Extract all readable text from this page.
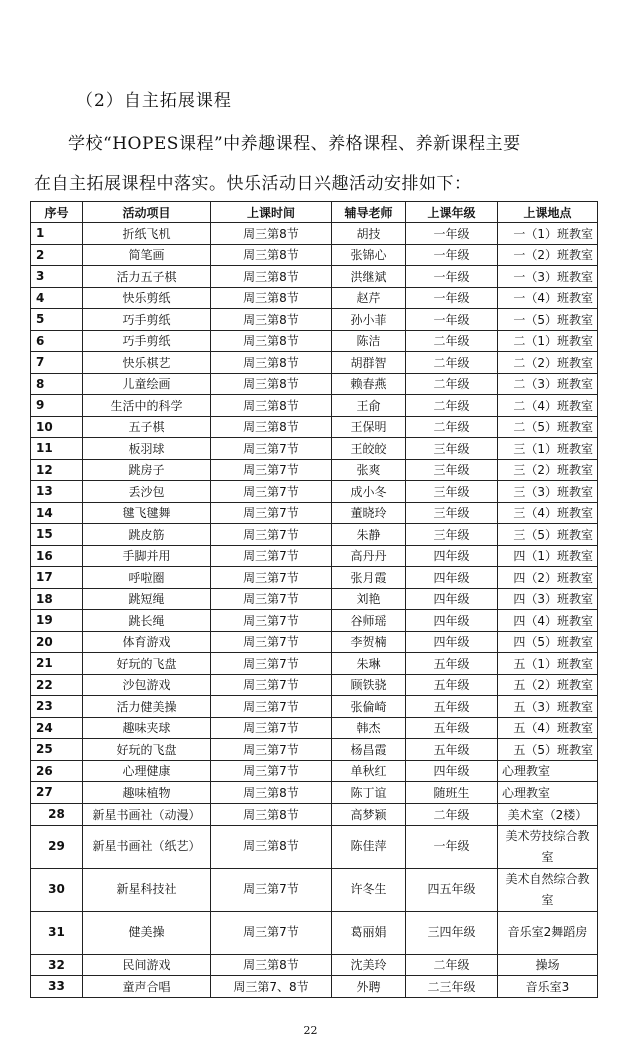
（2）自主拓展课程
学校“HOPES课程”中养趣课程、养格课程、养新课程主要
在自主拓展课程中落实。快乐活动日兴趣活动安排如下：
序号	活动项目	上课时间	辅导老师	上课年级	上课地点
1	折纸飞机	周三第8节	胡技	一年级	一（1）班教室
2	简笔画	周三第8节	张锦心	一年级	一（2）班教室
3	活力五子棋	周三第8节	洪继斌	一年级	一（3）班教室
4	快乐剪纸	周三第8节	赵芹	一年级	一（4）班教室
5	巧手剪纸	周三第8节	孙小菲	一年级	一（5）班教室
6	巧手剪纸	周三第8节	陈洁	二年级	二（1）班教室
7	快乐棋艺	周三第8节	胡群智	二年级	二（2）班教室
8	儿童绘画	周三第8节	赖春燕	二年级	二（3）班教室
9	生活中的科学	周三第8节	王俞	二年级	二（4）班教室
10	五子棋	周三第8节	王保明	二年级	二（5）班教室
11	板羽球	周三第7节	王皎皎	三年级	三（1）班教室
12	跳房子	周三第7节	张爽	三年级	三（2）班教室
13	丢沙包	周三第7节	成小冬	三年级	三（3）班教室
14	毽飞毽舞	周三第7节	董晓玲	三年级	三（4）班教室
15	跳皮筋	周三第7节	朱静	三年级	三（5）班教室
16	手脚并用	周三第7节	高丹丹	四年级	四（1）班教室
17	呼啦圈	周三第7节	张月霞	四年级	四（2）班教室
18	跳短绳	周三第7节	刘艳	四年级	四（3）班教室
19	跳长绳	周三第7节	谷师瑶	四年级	四（4）班教室
20	体育游戏	周三第7节	李贺楠	四年级	四（5）班教室
21	好玩的飞盘	周三第7节	朱琳	五年级	五（1）班教室
22	沙包游戏	周三第7节	顾铁骁	五年级	五（2）班教室
23	活力健美操	周三第7节	张倫崎	五年级	五（3）班教室
24	趣味夹球	周三第7节	韩杰	五年级	五（4）班教室
25	好玩的飞盘	周三第7节	杨昌霞	五年级	五（5）班教室
26	心理健康	周三第7节	单秋红	四年级	心理教室
27	趣味植物	周三第8节	陈丁谊	随班生	心理教室
28	新星书画社（动漫）	周三第8节	高梦颖	二年级	美术室（2楼）
29	新星书画社（纸艺）	周三第8节	陈佳萍	一年级	美术劳技综合教室
30	新星科技社	周三第7节	许冬生	四五年级	美术自然综合教室
31	健美操	周三第7节	葛丽娟	三四年级	音乐室2舞蹈房
32	民间游戏	周三第8节	沈美玲	二年级	操场
33	童声合唱	周三第7、8节	外聘	二三年级	音乐室3
22
